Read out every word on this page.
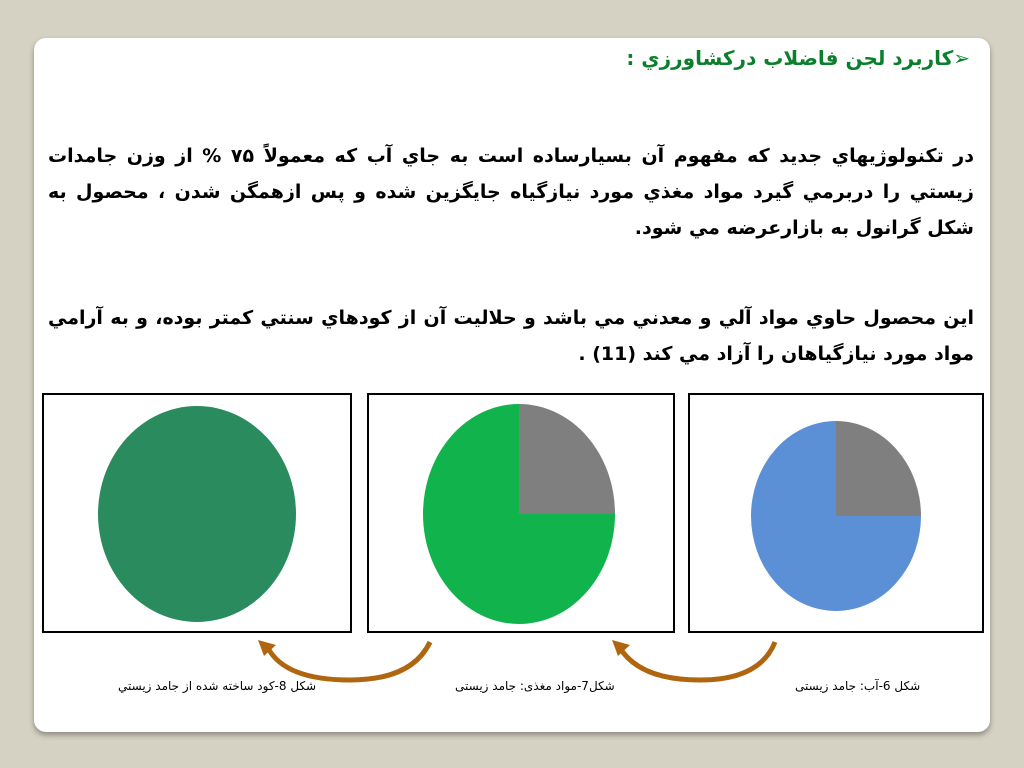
➢كاربرد لجن فاضلاب دركشاورزي :
در تكنولوژیهاي جديد كه مفهوم آن بسيارساده است به جاي آب كه معمولاً ۷۵ % از وزن جامدات زيستي را دربرمي گيرد مواد مغذي مورد نيازگياه جايگزين شده و پس ازهمگن شدن ، محصول به شكل گرانول به بازارعرضه مي شود.
اين محصول حاوي مواد آلي و معدني مي باشد و حلاليت آن از كودهاي سنتي كمتر بوده، و به آرامي مواد مورد نيازگياهان را آزاد مي كند (11) .
شكل 6-آب: جامد زیستی
شكل7-مواد مغذی: جامد زیستی
شكل 8-كود ساخته شده از جامد زيستي
